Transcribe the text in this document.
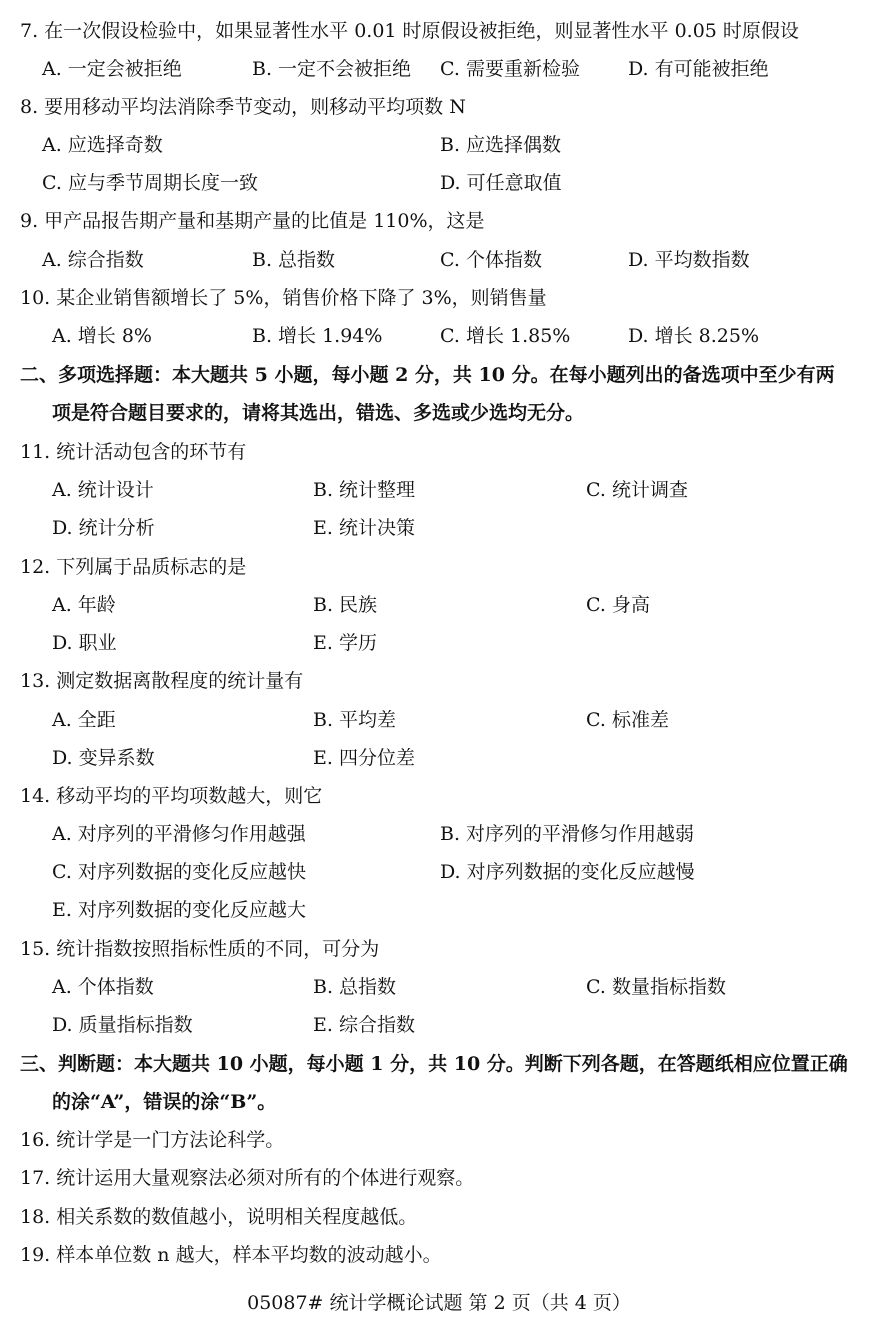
7. 在一次假设检验中，如果显著性水平 0.01 时原假设被拒绝，则显著性水平 0.05 时原假设
A. 一定会被拒绝	B. 一定不会被拒绝 C. 需要重新检验	D. 有可能被拒绝
8. 要用移动平均法消除季节变动，则移动平均项数 N
A. 应选择奇数	B. 应选择偶数
C. 应与季节周期长度一致	D. 可任意取值
9. 甲产品报告期产量和基期产量的比值是 110%，这是
A. 综合指数	B. 总指数	C. 个体指数	D. 平均数指数
10. 某企业销售额增长了 5%，销售价格下降了 3%，则销售量
A. 增长 8%	B. 增长 1.94%	C. 增长 1.85%	D. 增长 8.25%
二、多项选择题：本大题共 5 小题，每小题 2 分，共 10 分。在每小题列出的备选项中至少有两
项是符合题目要求的，请将其选出，错选、多选或少选均无分。
11. 统计活动包含的环节有
A. 统计设计	B. 统计整理	C. 统计调查
D. 统计分析	E. 统计决策
12. 下列属于品质标志的是
A. 年龄	B. 民族	C. 身高
D. 职业	E. 学历
13. 测定数据离散程度的统计量有
A. 全距	B. 平均差	C. 标准差
D. 变异系数	E. 四分位差
14. 移动平均的平均项数越大，则它
A. 对序列的平滑修匀作用越强	B. 对序列的平滑修匀作用越弱
C. 对序列数据的变化反应越快	D. 对序列数据的变化反应越慢
E. 对序列数据的变化反应越大
15. 统计指数按照指标性质的不同，可分为
A. 个体指数	B. 总指数	C. 数量指标指数
D. 质量指标指数	E. 综合指数
三、判断题：本大题共 10 小题，每小题 1 分，共 10 分。判断下列各题，在答题纸相应位置正确
的涂“A”，错误的涂“B”。
16. 统计学是一门方法论科学。
17. 统计运用大量观察法必须对所有的个体进行观察。
18. 相关系数的数值越小，说明相关程度越低。
19. 样本单位数 n 越大，样本平均数的波动越小。
05087# 统计学概论试题 第 2 页（共 4 页）
